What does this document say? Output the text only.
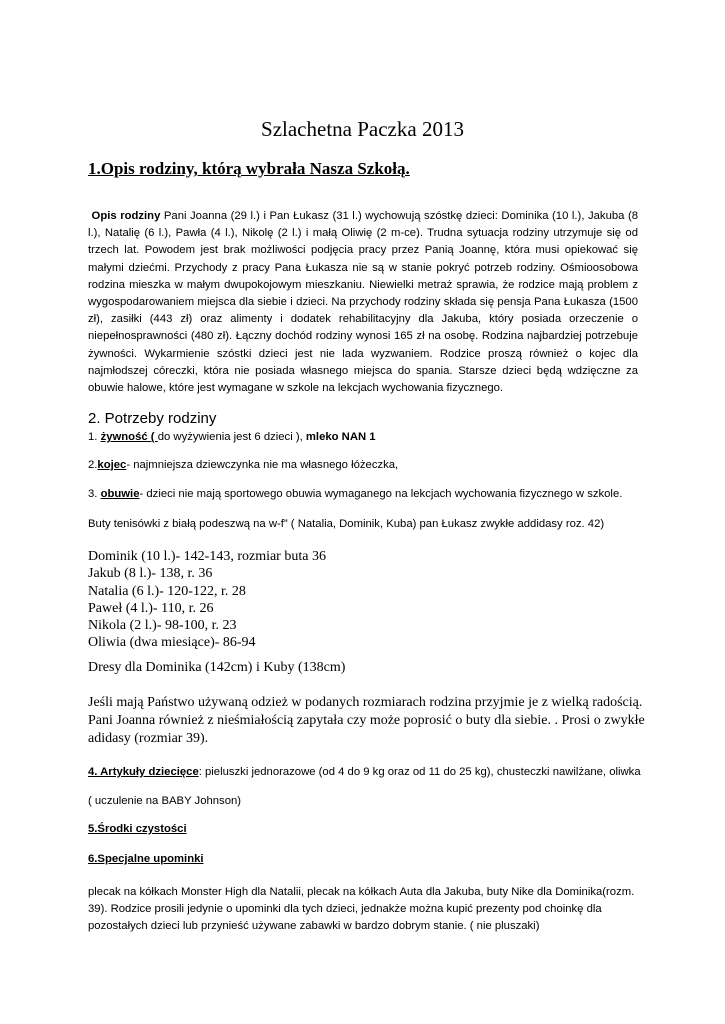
Szlachetna Paczka 2013
1.Opis rodziny, którą wybrała Nasza Szkołą.
Opis rodziny Pani Joanna (29 l.) i Pan Łukasz (31 l.) wychowują szóstkę dzieci: Dominika (10 l.), Jakuba (8 l.), Natalię (6 l.), Pawła (4 l.), Nikolę (2 l.) i małą Oliwię (2 m-ce). Trudna sytuacja rodziny utrzymuje się od trzech lat. Powodem jest brak możliwości podjęcia pracy przez Panią Joannę, która musi opiekować się małymi dziećmi. Przychody z pracy Pana Łukasza nie są w stanie pokryć potrzeb rodziny. Ośmioosobowa rodzina mieszka w małym dwupokojowym mieszkaniu. Niewielki metraż sprawia, że rodzice mają problem z wygospodarowaniem miejsca dla siebie i dzieci. Na przychody rodziny składa się pensja Pana Łukasza (1500 zł), zasiłki (443 zł) oraz alimenty i dodatek rehabilitacyjny dla Jakuba, który posiada orzeczenie o niepełnosprawności (480 zł). Łączny dochód rodziny wynosi 165 zł na osobę. Rodzina najbardziej potrzebuje żywności. Wykarmienie szóstki dzieci jest nie lada wyzwaniem. Rodzice proszą również o kojec dla najmłodszej córeczki, która nie posiada własnego miejsca do spania. Starsze dzieci będą wdzięczne za obuwie halowe, które jest wymagane w szkole na lekcjach wychowania fizycznego.
2. Potrzeby rodziny
1. żywność ( do wyżywienia jest 6 dzieci ), mleko NAN 1
2.kojec- najmniejsza dziewczynka nie ma własnego łóżeczka,
3. obuwie- dzieci nie mają sportowego obuwia wymaganego na lekcjach wychowania fizycznego w szkole.
Buty tenisówki z białą podeszwą na w-f” ( Natalia, Dominik, Kuba) pan Łukasz zwykłe addidasy roz. 42)
Dominik (10 l.)- 142-143, rozmiar buta 36
Jakub (8 l.)- 138, r. 36
Natalia (6 l.)- 120-122, r. 28
Paweł (4 l.)- 110, r. 26
Nikola (2 l.)- 98-100, r. 23
Oliwia (dwa miesiące)- 86-94
Dresy dla Dominika (142cm) i Kuby (138cm)
Jeśli mają Państwo używaną odzież w podanych rozmiarach rodzina przyjmie je z wielką radością. Pani Joanna również z nieśmiałością zapytała czy może poprosić o buty dla siebie. . Prosi o zwykłe adidasy (rozmiar 39).
4. Artykuły dziecięce: pieluszki jednorazowe (od 4 do 9 kg oraz od 11 do 25 kg), chusteczki nawilżane, oliwka
( uczulenie na BABY Johnson)
5.Środki czystości
6.Specjalne upominki
plecak na kółkach Monster High dla Natalii, plecak na kółkach Auta dla Jakuba, buty Nike dla Dominika(rozm. 39). Rodzice prosili jedynie o upominki dla tych dzieci, jednakże można kupić prezenty pod choinkę dla pozostałych dzieci lub przynieść używane zabawki w bardzo dobrym stanie. ( nie pluszaki)
